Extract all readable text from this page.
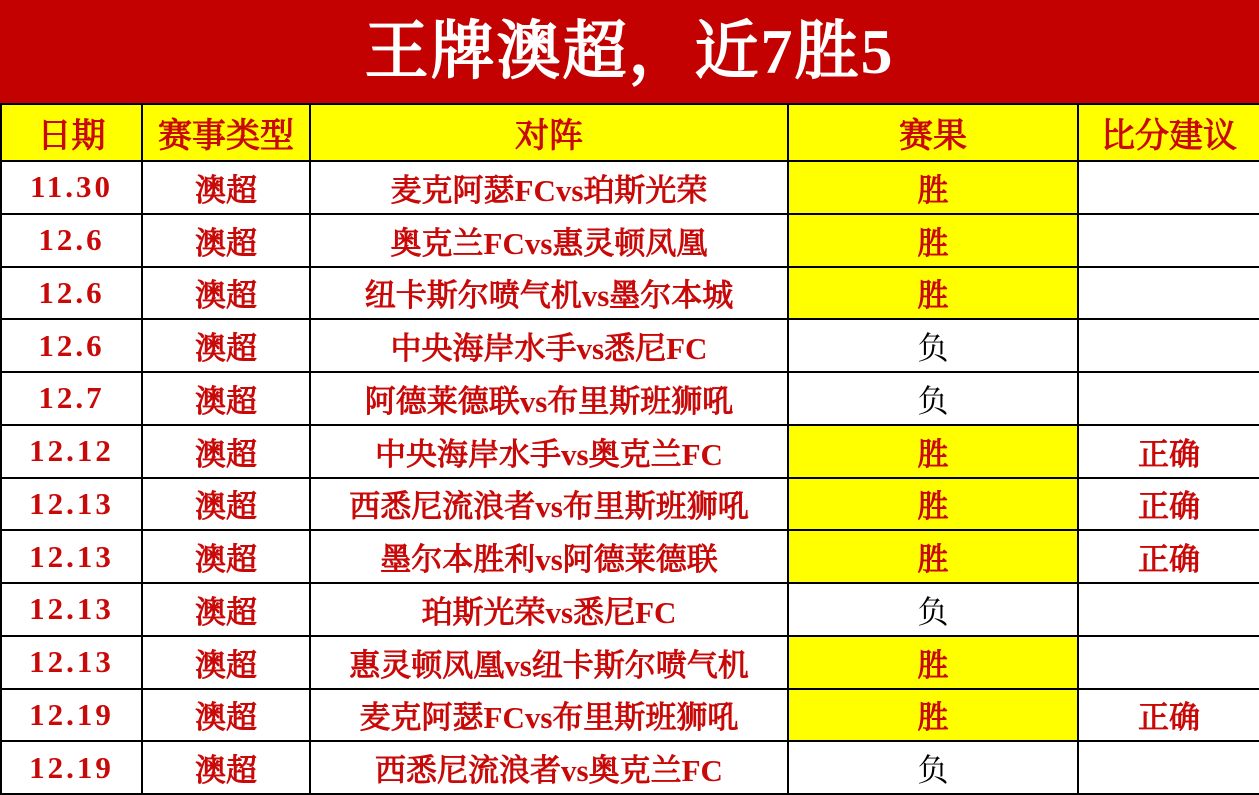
王牌澳超，近7胜5
日期	赛事类型	对阵	赛果	比分建议
11.30	澳超	麦克阿瑟FCvs珀斯光荣	胜	
12.6	澳超	奥克兰FCvs惠灵顿凤凰	胜	
12.6	澳超	纽卡斯尔喷气机vs墨尔本城	胜	
12.6	澳超	中央海岸水手vs悉尼FC	负	
12.7	澳超	阿德莱德联vs布里斯班狮吼	负	
12.12	澳超	中央海岸水手vs奥克兰FC	胜	正确
12.13	澳超	西悉尼流浪者vs布里斯班狮吼	胜	正确
12.13	澳超	墨尔本胜利vs阿德莱德联	胜	正确
12.13	澳超	珀斯光荣vs悉尼FC	负	
12.13	澳超	惠灵顿凤凰vs纽卡斯尔喷气机	胜	
12.19	澳超	麦克阿瑟FCvs布里斯班狮吼	胜	正确
12.19	澳超	西悉尼流浪者vs奥克兰FC	负	
